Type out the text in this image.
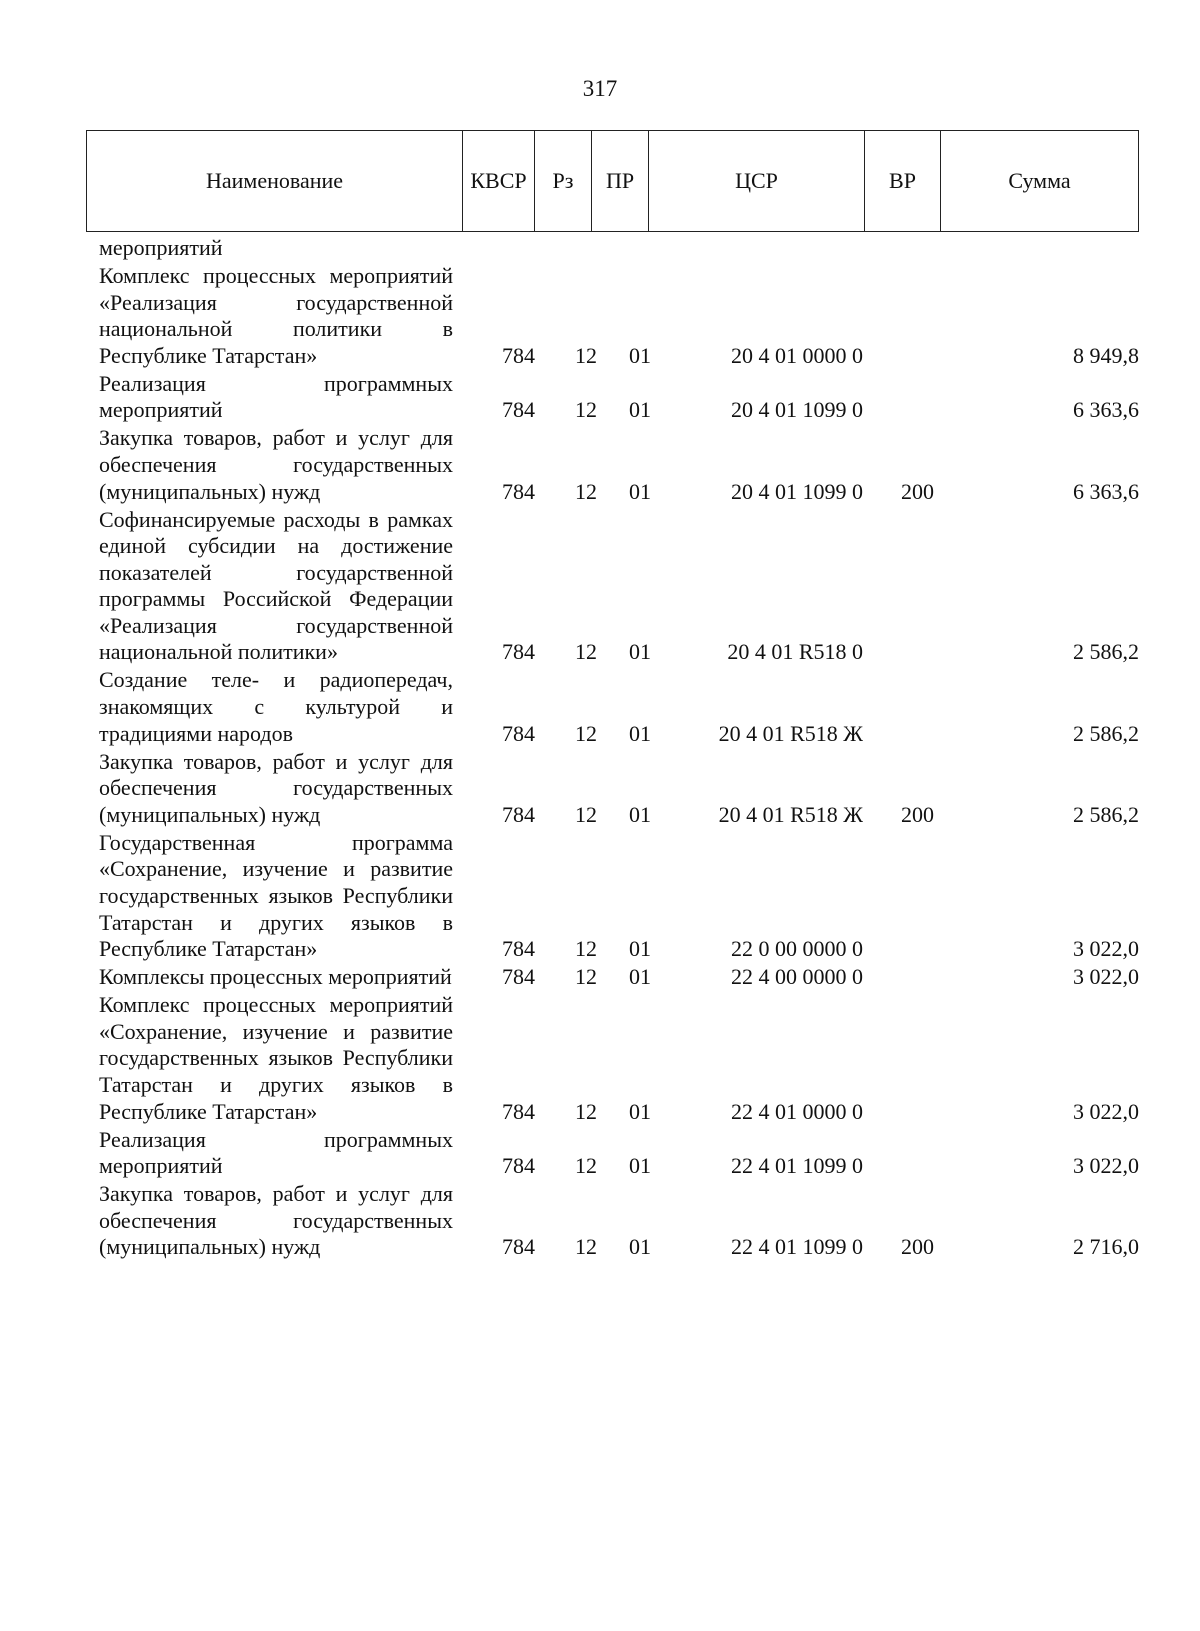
317
Наименование	КВСР	Рз	ПР	ЦСР	ВР	Сумма
мероприятий
Комплекс процессных мероприятий «Реализация государственной национальной политики в Республике Татарстан»	784	12	01	20 4 01 0000 0	8 949,8
Реализация программных мероприятий	784	12	01	20 4 01 1099 0	6 363,6
Закупка товаров, работ и услуг для обеспечения государственных (муниципальных) нужд	784	12	01	20 4 01 1099 0	200	6 363,6
Софинансируемые расходы в рамках единой субсидии на достижение показателей государственной программы Российской Федерации «Реализация государственной национальной политики»	784	12	01	20 4 01 R518 0	2 586,2
Создание теле- и радиопередач, знакомящих с культурой и традициями народов	784	12	01	20 4 01 R518 Ж	2 586,2
Закупка товаров, работ и услуг для обеспечения государственных (муниципальных) нужд	784	12	01	20 4 01 R518 Ж	200	2 586,2
Государственная программа «Сохранение, изучение и развитие государственных языков Республики Татарстан и других языков в Республике Татарстан»	784	12	01	22 0 00 0000 0	3 022,0
Комплексы процессных мероприятий	784	12	01	22 4 00 0000 0	3 022,0
Комплекс процессных мероприятий «Сохранение, изучение и развитие государственных языков Республики Татарстан и других языков в Республике Татарстан»	784	12	01	22 4 01 0000 0	3 022,0
Реализация программных мероприятий	784	12	01	22 4 01 1099 0	3 022,0
Закупка товаров, работ и услуг для обеспечения государственных (муниципальных) нужд	784	12	01	22 4 01 1099 0	200	2 716,0
